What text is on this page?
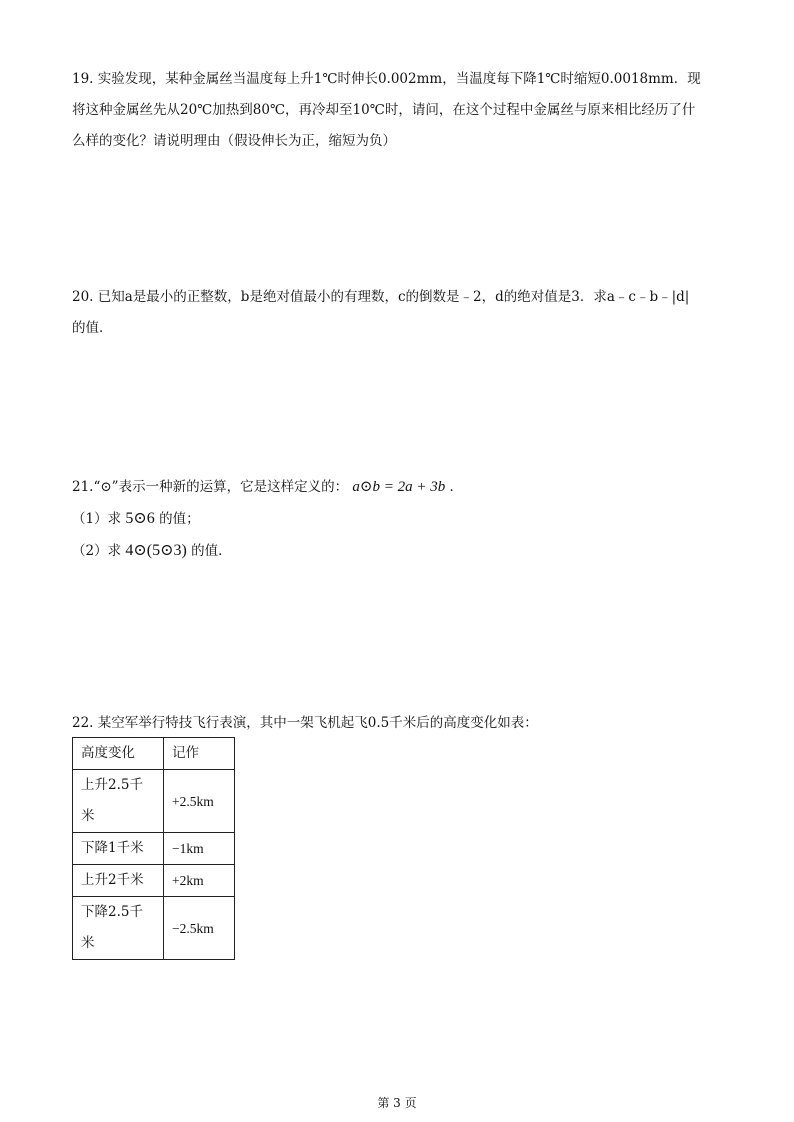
19. 实验发现，某种金属丝当温度每上升1℃时伸长0.002mm，当温度每下降1℃时缩短0.0018mm．现

将这种金属丝先从20℃加热到80℃，再冷却至10℃时，请问，在这个过程中金属丝与原来相比经历了什

么样的变化？请说明理由（假设伸长为正，缩短为负）

20. 已知a是最小的正整数，b是绝对值最小的有理数，c的倒数是﹣2，d的绝对值是3．求a﹣c﹣b﹣|d|

的值．

21.“⊙”表示一种新的运算，它是这样定义的： a⊙b = 2a + 3b ．

（1）求 5⊙6 的值；

（2）求 4⊙(5⊙3) 的值．

22. 某空军举行特技飞行表演，其中一架飞机起飞0.5千米后的高度变化如表：

高度变化	记作
上升2.5千米	+2.5km
下降1千米	−1km
上升2千米	+2km
下降2.5千米	−2.5km
第 3 页
